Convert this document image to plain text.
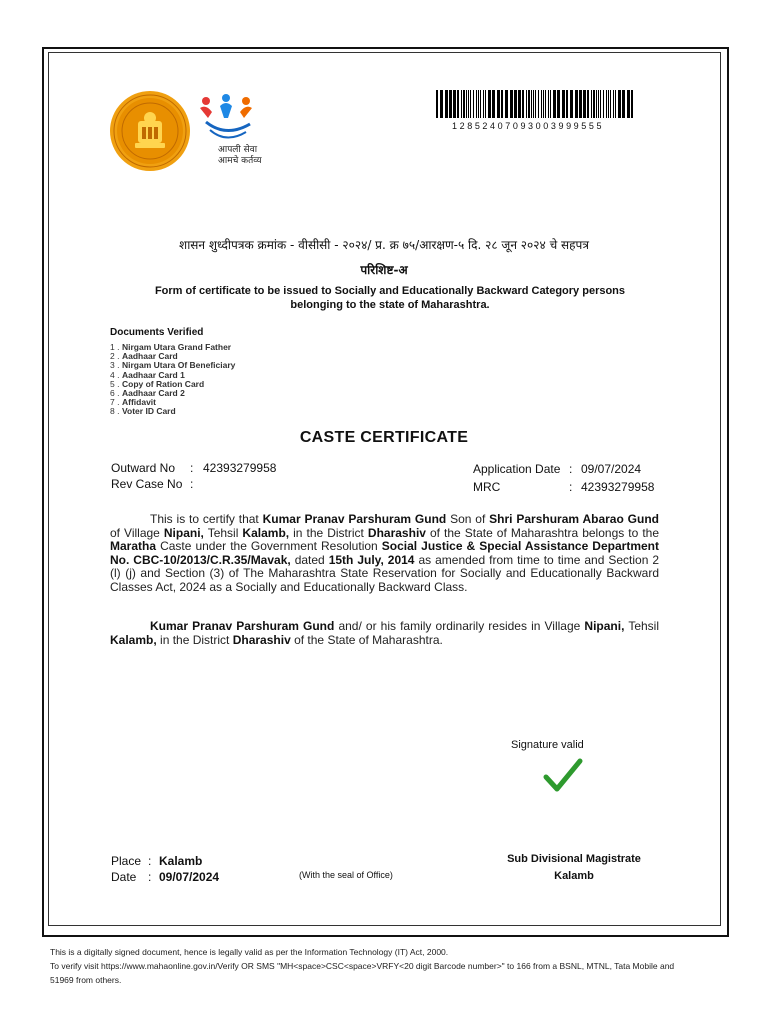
आपली सेवा
आमचे कर्तव्य
12852407093003999555
शासन शुध्दीपत्रक क्रमांक - वीसीसी - २०२४/ प्र. क्र ७५/आरक्षण-५ दि. २८ जून २०२४ चे सहपत्र
परिशिष्ट-अ
Form of certificate to be issued to Socially and Educationally Backward Category persons
belonging to the state of Maharashtra.
Documents Verified
1 . Nirgam Utara Grand Father
2 . Aadhaar Card
3 . Nirgam Utara Of Beneficiary
4 . Aadhaar Card 1
5 . Copy of Ration Card
6 . Aadhaar Card 2
7 . Affidavit
8 . Voter ID Card
CASTE CERTIFICATE
Outward No : 42393279958
Rev Case No :
Application Date : 09/07/2024
MRC	: 42393279958
This is to certify that Kumar Pranav Parshuram Gund Son of Shri Parshuram Abarao Gund of Village Nipani, Tehsil Kalamb, in the District Dharashiv of the State of Maharashtra belongs to the Maratha Caste under the Government Resolution Social Justice & Special Assistance Department No. CBC-10/2013/C.R.35/Mavak, dated 15th July, 2014 as amended from time to time and Section 2 (l) (j) and Section (3) of The Maharashtra State Reservation for Socially and Educationally Backward Classes Act, 2024 as a Socially and Educationally Backward Class.
Kumar Pranav Parshuram Gund and/ or his family ordinarily resides in Village Nipani, Tehsil Kalamb, in the District Dharashiv of the State of Maharashtra.
Signature valid
Place : Kalamb
Date : 09/07/2024	(With the seal of Office)
Sub Divisional Magistrate
Kalamb
This is a digitally signed document, hence is legally valid as per the Information Technology (IT) Act, 2000.
To verify visit https://www.mahaonline.gov.in/Verify OR SMS "MH<space>CSC<space>VRFY<20 digit Barcode number>" to 166 from a BSNL, MTNL, Tata Mobile and
51969 from others.
